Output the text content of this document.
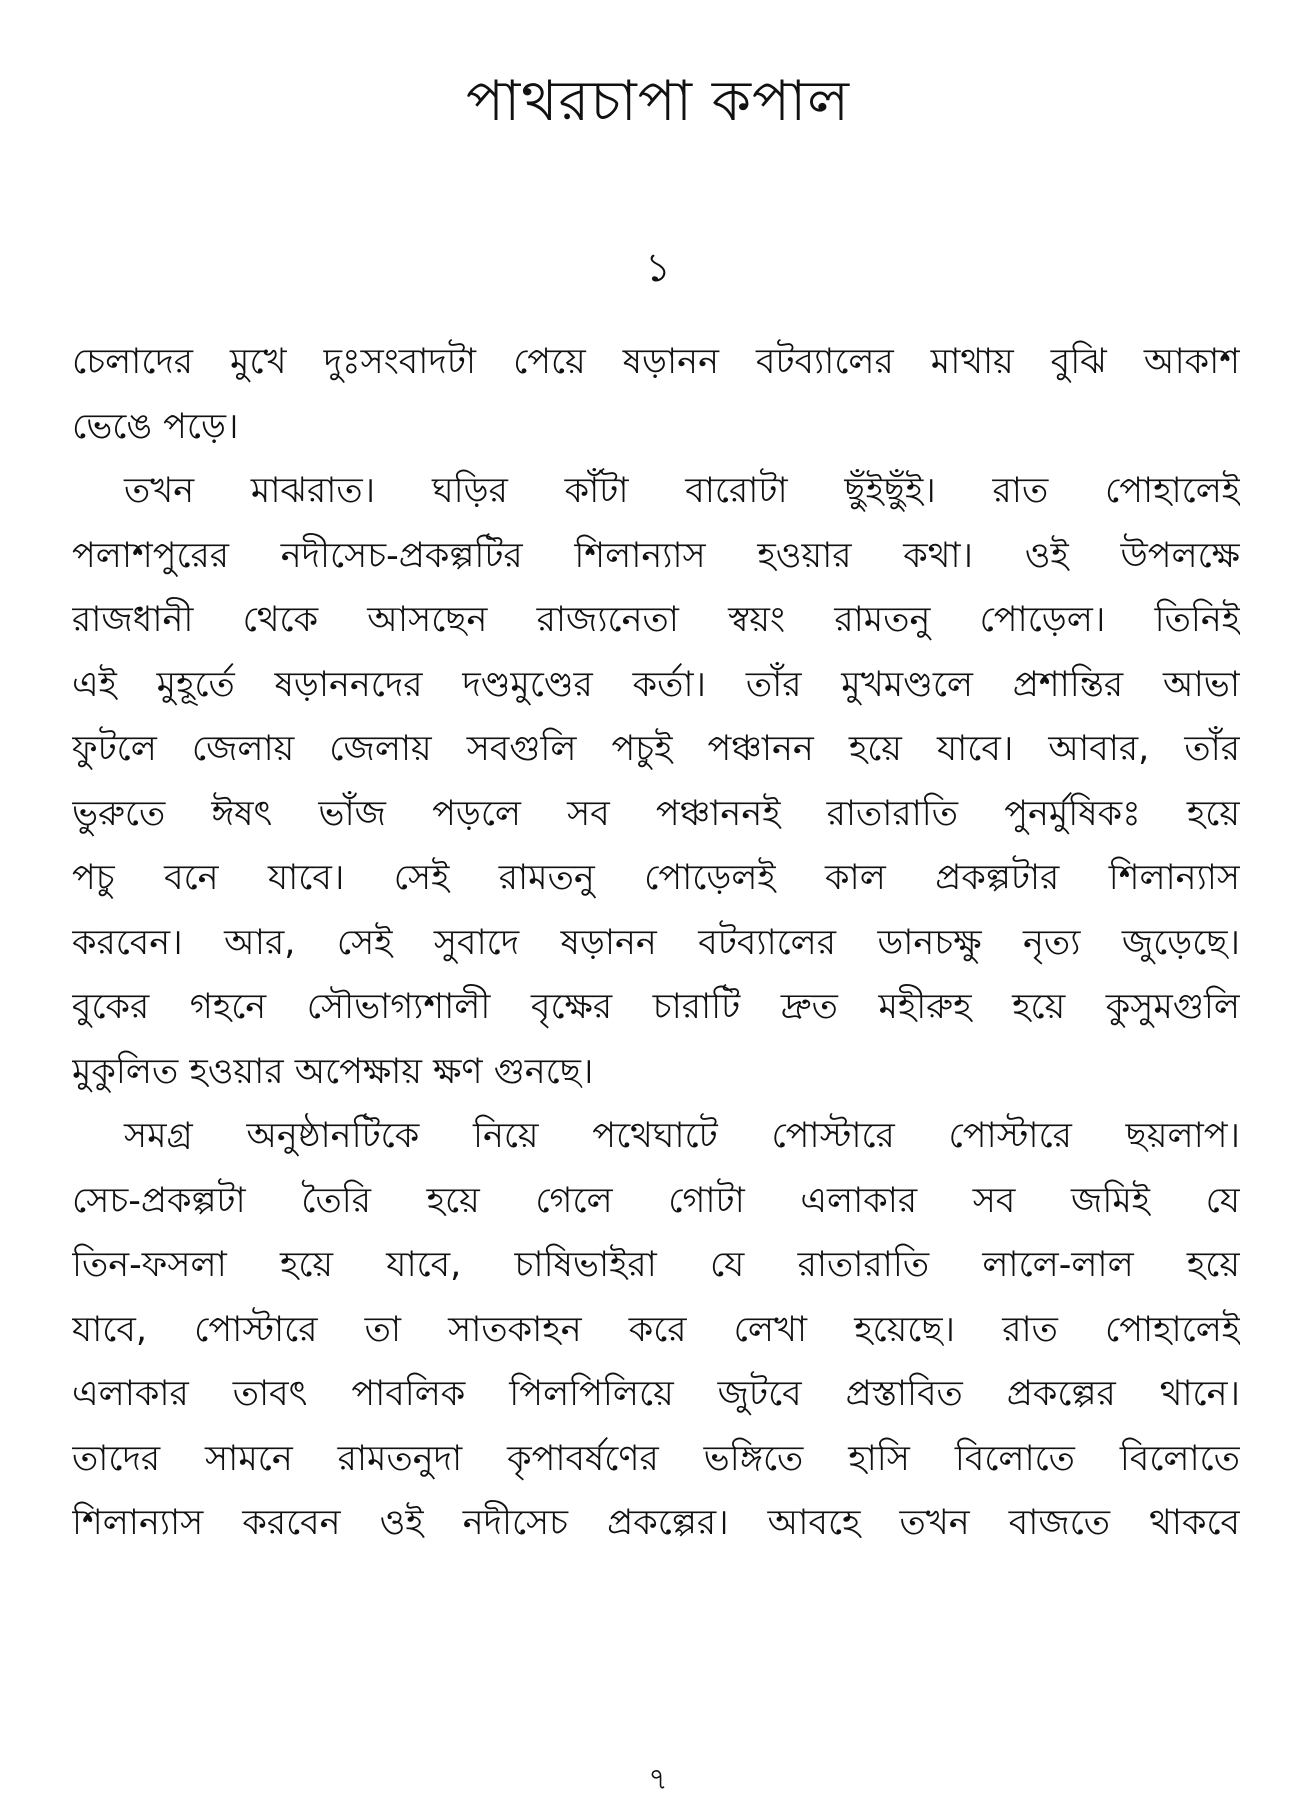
পাথরচাপা কপাল
১
চেলাদের মুখে দুঃসংবাদটা পেয়ে ষড়ানন বটব্যালের মাথায় বুঝি আকাশ
ভেঙে পড়ে।
তখন মাঝরাত। ঘড়ির কাঁটা বারোটা ছুঁইছুঁই। রাত পোহালেই
পলাশপুরের নদীসেচ-প্রকল্পটির শিলান্যাস হওয়ার কথা। ওই উপলক্ষে
রাজধানী থেকে আসছেন রাজ্যনেতা স্বয়ং রামতনু পোড়েল। তিনিই
এই মুহূর্তে ষড়াননদের দণ্ডমুণ্ডের কর্তা। তাঁর মুখমণ্ডলে প্রশান্তির আভা
ফুটলে জেলায় জেলায় সবগুলি পচুই পঞ্চানন হয়ে যাবে। আবার, তাঁর
ভুরুতে ঈষৎ ভাঁজ পড়লে সব পঞ্চাননই রাতারাতি পুনর্মুষিকঃ হয়ে
পচু বনে যাবে। সেই রামতনু পোড়েলই কাল প্রকল্পটার শিলান্যাস
করবেন। আর, সেই সুবাদে ষড়ানন বটব্যালের ডানচক্ষু নৃত্য জুড়েছে।
বুকের গহনে সৌভাগ্যশালী বৃক্ষের চারাটি দ্রুত মহীরুহ হয়ে কুসুমগুলি
মুকুলিত হওয়ার অপেক্ষায় ক্ষণ গুনছে।
সমগ্র অনুষ্ঠানটিকে নিয়ে পথেঘাটে পোস্টারে পোস্টারে ছয়লাপ।
সেচ-প্রকল্পটা তৈরি হয়ে গেলে গোটা এলাকার সব জমিই যে
তিন-ফসলা হয়ে যাবে, চাষিভাইরা যে রাতারাতি লালে-লাল হয়ে
যাবে, পোস্টারে তা সাতকাহন করে লেখা হয়েছে। রাত পোহালেই
এলাকার তাবৎ পাবলিক পিলপিলিয়ে জুটবে প্রস্তাবিত প্রকল্পের থানে।
তাদের সামনে রামতনুদা কৃপাবর্ষণের ভঙ্গিতে হাসি বিলোতে বিলোতে
শিলান্যাস করবেন ওই নদীসেচ প্রকল্পের। আবহে তখন বাজতে থাকবে
৭
